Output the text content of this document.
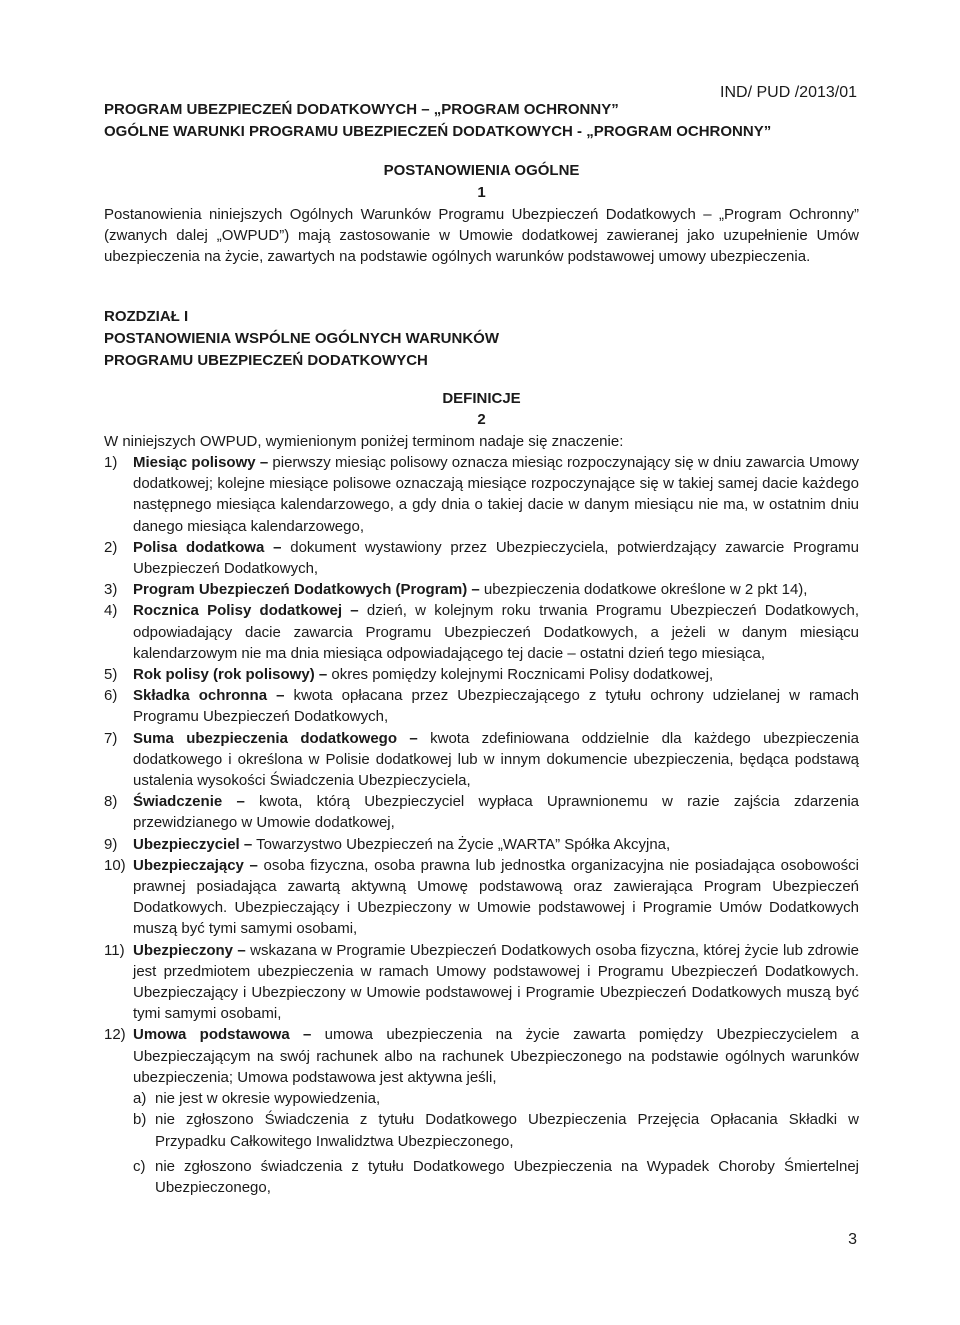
IND/ PUD /2013/01
PROGRAM UBEZPIECZEŃ DODATKOWYCH – „PROGRAM OCHRONNY”
OGÓLNE WARUNKI PROGRAMU UBEZPIECZEŃ DODATKOWYCH - „PROGRAM OCHRONNY”
POSTANOWIENIA OGÓLNE
1
Postanowienia niniejszych Ogólnych Warunków Programu Ubezpieczeń Dodatkowych – „Program Ochronny” (zwanych dalej „OWPUD”) mają zastosowanie w Umowie dodatkowej zawieranej jako uzupełnienie Umów ubezpieczenia na życie, zawartych na podstawie ogólnych warunków podstawowej umowy ubezpieczenia.
ROZDZIAŁ I
POSTANOWIENIA WSPÓLNE OGÓLNYCH WARUNKÓW
PROGRAMU UBEZPIECZEŃ DODATKOWYCH
DEFINICJE
2
W niniejszych OWPUD, wymienionym poniżej terminom nadaje się znaczenie:
1)	Miesiąc polisowy – pierwszy miesiąc polisowy oznacza miesiąc rozpoczynający się w dniu zawarcia Umowy dodatkowej; kolejne miesiące polisowe oznaczają miesiące rozpoczynające się w takiej samej dacie każdego następnego miesiąca kalendarzowego, a gdy dnia o takiej dacie w danym miesiącu nie ma, w ostatnim dniu danego miesiąca kalendarzowego,
2)	Polisa dodatkowa – dokument wystawiony przez Ubezpieczyciela, potwierdzający zawarcie Programu Ubezpieczeń Dodatkowych,
3)	Program Ubezpieczeń Dodatkowych (Program) – ubezpieczenia dodatkowe określone w 2 pkt 14),
4)	Rocznica Polisy dodatkowej – dzień, w kolejnym roku trwania Programu Ubezpieczeń Dodatkowych, odpowiadający dacie zawarcia Programu Ubezpieczeń Dodatkowych, a jeżeli w danym miesiącu kalendarzowym nie ma dnia miesiąca odpowiadającego tej dacie – ostatni dzień tego miesiąca,
5)	Rok polisy (rok polisowy) – okres pomiędzy kolejnymi Rocznicami Polisy dodatkowej,
6)	Składka ochronna – kwota opłacana przez Ubezpieczającego z tytułu ochrony udzielanej w ramach Programu Ubezpieczeń Dodatkowych,
7)	Suma ubezpieczenia dodatkowego – kwota zdefiniowana oddzielnie dla każdego ubezpieczenia dodatkowego i określona w Polisie dodatkowej lub w innym dokumencie ubezpieczenia, będąca podstawą ustalenia wysokości Świadczenia Ubezpieczyciela,
8)	Świadczenie – kwota, którą Ubezpieczyciel wypłaca Uprawnionemu w razie zajścia zdarzenia przewidzianego w Umowie dodatkowej,
9)	Ubezpieczyciel – Towarzystwo Ubezpieczeń na Życie „WARTA” Spółka Akcyjna,
10) Ubezpieczający – osoba fizyczna, osoba prawna lub jednostka organizacyjna nie posiadająca osobowości prawnej posiadająca zawartą aktywną Umowę podstawową oraz zawierająca Program Ubezpieczeń Dodatkowych. Ubezpieczający i Ubezpieczony w Umowie podstawowej i Programie Umów Dodatkowych muszą być tymi samymi osobami,
11) Ubezpieczony – wskazana w Programie Ubezpieczeń Dodatkowych osoba fizyczna, której życie lub zdrowie jest przedmiotem ubezpieczenia w ramach Umowy podstawowej i Programu Ubezpieczeń Dodatkowych. Ubezpieczający i Ubezpieczony w Umowie podstawowej i Programie Ubezpieczeń Dodatkowych muszą być tymi samymi osobami,
12) Umowa podstawowa – umowa ubezpieczenia na życie zawarta pomiędzy Ubezpieczycielem a Ubezpieczającym na swój rachunek albo na rachunek Ubezpieczonego na podstawie ogólnych warunków ubezpieczenia; Umowa podstawowa jest aktywna jeśli,
a) nie jest w okresie wypowiedzenia,
b) nie zgłoszono Świadczenia z tytułu Dodatkowego Ubezpieczenia Przejęcia Opłacania Składki w Przypadku Całkowitego Inwalidztwa Ubezpieczonego,
c) nie zgłoszono świadczenia z tytułu Dodatkowego Ubezpieczenia na Wypadek Choroby Śmiertelnej Ubezpieczonego,
3
